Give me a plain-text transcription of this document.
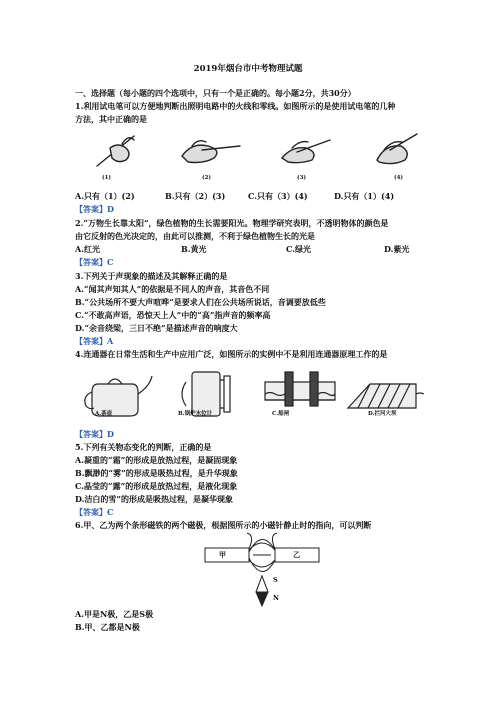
2019年烟台市中考物理试题
一、选择题（每小题的四个选项中，只有一个是正确的。每小题2分，共30分）
1.利用试电笔可以方便地判断出照明电路中的火线和零线。如图所示的是使用试电笔的几种
方法，其中正确的是
(1)	(2)	(3)	(4)
A.只有（1）(2)	B.只有（2）(3)	C.只有（3）(4)	D.只有（1）(4)
【答案】D
2.“万物生长靠太阳”，绿色植物的生长需要阳光。物理学研究表明，不透明物体的颜色是
由它反射的色光决定的，由此可以推测，不利于绿色植物生长的光是
A.红光	B.黄光	C.绿光	D.紫光
【答案】C
3.下列关于声现象的描述及其解释正确的是
A.“闻其声知其人”的依据是不同人的声音，其音色不同
B.“公共场所不要大声喧哗”是要求人们在公共场所说话，音调要放低些
C.“不敢高声语，恐惊天上人”中的“高”指声音的频率高
D.“余音绕梁，三日不绝”是描述声音的响度大
【答案】A
4.连通器在日常生活和生产中应用广泛，如图所示的实例中不是利用连通器原理工作的是
A.茶壶	B.锅炉水位计	C.船闸	D.拦河大坝
【答案】D
5.下列有关物态变化的判断，正确的是
A.凝重的“霜”的形成是放热过程，是凝固现象
B.飘渺的“雾”的形成是吸热过程，是升华现象
C.晶莹的“露”的形成是放热过程，是液化现象
D.洁白的雪”的形成是吸热过程，是凝华现象
【答案】C
6.甲、乙为两个条形磁铁的两个磁极，根据图所示的小磁针静止时的指向，可以判断
甲	乙
S
N
A.甲是N极，乙是S极
B.甲、乙都是N极
